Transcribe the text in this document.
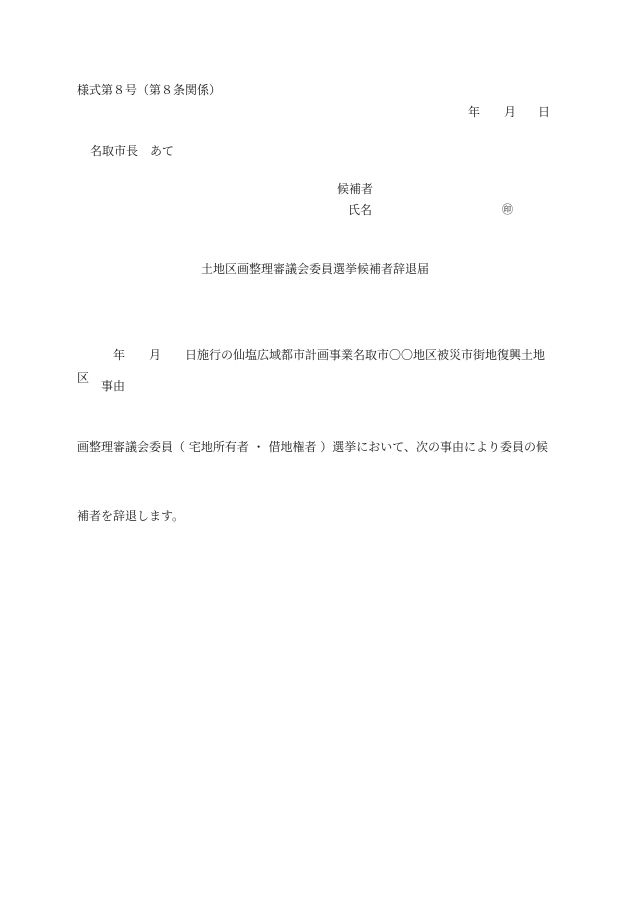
様式第８号（第８条関係）
年 月 日
名取市長　あて
候補者
氏名	㊞
土地区画整理審議会委員選挙候補者辞退届

　　　年　　月　　日施行の仙塩広域都市計画事業名取市〇〇地区被災市街地復興土地区

画整理審議会委員（ 宅地所有者 ・ 借地権者 ）選挙において、次の事由により委員の候

補者を辞退します。

事由
